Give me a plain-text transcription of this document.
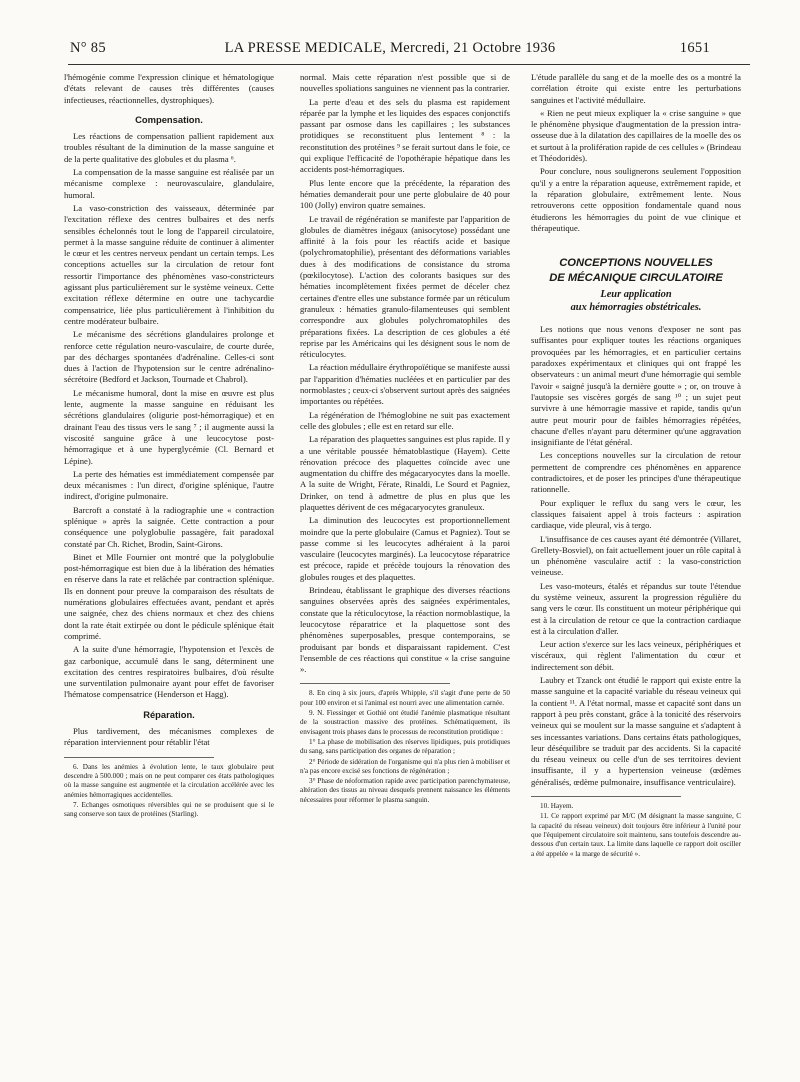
N° 85	LA PRESSE MEDICALE, Mercredi, 21 Octobre 1936	1651

l'hémogénie comme l'expression clinique et hématologique d'états relevant de causes très différentes (causes infectieuses, réactionnelles, dystrophiques).

Compensation.

Les réactions de compensation pallient rapidement aux troubles résultant de la diminution de la masse sanguine et de la perte qualitative des globules et du plasma ⁶.

La compensation de la masse sanguine est réalisée par un mécanisme complexe : neurovasculaire, glandulaire, humoral.

La vaso-constriction des vaisseaux, déterminée par l'excitation réflexe des centres bulbaires et des nerfs sensibles échelonnés tout le long de l'appareil circulatoire, permet à la masse sanguine réduite de continuer à alimenter le cœur et les centres nerveux pendant un certain temps. Les conceptions actuelles sur la circulation de retour font ressortir l'importance des phénomènes vaso-constricteurs agissant plus particulièrement sur le système veineux. Cette excitation réflexe détermine en outre une tachycardie compensatrice, liée plus particulièrement à l'inhibition du centre modérateur bulbaire.

Le mécanisme des sécrétions glandulaires prolonge et renforce cette régulation neuro-vasculaire, de courte durée, par des décharges spontanées d'adrénaline. Celles-ci sont dues à l'action de l'hypotension sur le centre adrénalino-sécrétoire (Bedford et Jackson, Tournade et Chabrol).

Le mécanisme humoral, dont la mise en œuvre est plus lente, augmente la masse sanguine en réduisant les sécrétions glandulaires (oligurie post-hémorragique) et en drainant l'eau des tissus vers le sang ⁷ ; il augmente aussi la viscosité sanguine grâce à une leucocytose post-hémorragique et à une hyperglycémie (Cl. Bernard et Lépine).

La perte des hématies est immédiatement compensée par deux mécanismes : l'un direct, d'origine splénique, l'autre indirect, d'origine pulmonaire.

Barcroft a constaté à la radiographie une « contraction splénique » après la saignée. Cette contraction a pour conséquence une polyglobulie passagère, fait paradoxal constaté par Ch. Richet, Brodin, Saint-Girons.

Binet et Mlle Fournier ont montré que la polyglobulie post-hémorragique est bien due à la libération des hématies en réserve dans la rate et relâchée par contraction splénique. Ils en donnent pour preuve la comparaison des résultats de numérations globulaires effectuées avant, pendant et après une saignée, chez des chiens normaux et chez des chiens dont la rate était extirpée ou dont le pédicule splénique était comprimé.

A la suite d'une hémorragie, l'hypotension et l'excès de gaz carbonique, accumulé dans le sang, déterminent une excitation des centres respiratoires bulbaires, d'où résulte une surventilation pulmonaire ayant pour effet de favoriser l'hématose compensatrice (Henderson et Hagg).

Réparation.

Plus tardivement, des mécanismes complexes de réparation interviennent pour rétablir l'état

6. Dans les anémies à évolution lente, le taux globulaire peut descendre à 500.000 ; mais on ne peut comparer ces états pathologiques où la masse sanguine est augmentée et la circulation accélérée avec les anémies hémorragiques accidentelles.

7. Echanges osmotiques réversibles qui ne se produisent que si le sang conserve son taux de protéines (Starling).

normal. Mais cette réparation n'est possible que si de nouvelles spoliations sanguines ne viennent pas la contrarier.

La perte d'eau et des sels du plasma est rapidement réparée par la lymphe et les liquides des espaces conjonctifs passant par osmose dans les capillaires ; les substances protidiques se reconstituent plus lentement ⁸ : la reconstitution des protéines ⁹ se ferait surtout dans le foie, ce qui explique l'efficacité de l'opothérapie hépatique dans les accidents post-hémorragiques.

Plus lente encore que la précédente, la réparation des hématies demanderait pour une perte globulaire de 40 pour 100 (Jolly) environ quatre semaines.

Le travail de régénération se manifeste par l'apparition de globules de diamètres inégaux (anisocytose) possédant une affinité à la fois pour les réactifs acide et basique (polychromatophilie), présentant des déformations variables dues à des modifications de consistance du stroma (pœkilocytose). L'action des colorants basiques sur des hématies incomplètement fixées permet de déceler chez certaines d'entre elles une substance formée par un réticulum granuleux : hématies granulo-filamenteuses qui semblent correspondre aux globules polychromatophiles des préparations fixées. La description de ces globules a été reprise par les Américains qui les désignent sous le nom de réticulocytes.

La réaction médullaire érythropoïétique se manifeste aussi par l'apparition d'hématies nucléées et en particulier par des normoblastes ; ceux-ci s'observent surtout après des saignées importantes ou répétées.

La régénération de l'hémoglobine ne suit pas exactement celle des globules ; elle est en retard sur elle.

La réparation des plaquettes sanguines est plus rapide. Il y a une véritable poussée hématoblastique (Hayem). Cette rénovation précoce des plaquettes coïncide avec une augmentation du chiffre des mégacaryocytes dans la moelle. A la suite de Wright, Férate, Rinaldi, Le Sourd et Pagniez, Drinker, on tend à admettre de plus en plus que les plaquettes dérivent de ces mégacaryocytes granuleux.

La diminution des leucocytes est proportionnellement moindre que la perte globulaire (Camus et Pagniez). Tout se passe comme si les leucocytes adhéraient à la paroi vasculaire (leucocytes marginés). La leucocytose réparatrice est précoce, rapide et précède toujours la rénovation des globules rouges et des plaquettes.

Brindeau, établissant le graphique des diverses réactions sanguines observées après des saignées expérimentales, constate que la réticulocytose, la réaction normoblastique, la leucocytose réparatrice et la plaquettose sont des phénomènes superposables, presque contemporains, se produisant par bonds et disparaissant rapidement. C'est l'ensemble de ces réactions qui constitue « la crise sanguine ».

8. En cinq à six jours, d'après Whipple, s'il s'agit d'une perte de 50 pour 100 environ et si l'animal est nourri avec une alimentation carnée.

9. N. Fiessinger et Gothié ont étudié l'anémie plasmatique résultant de la soustraction massive des protéines. Schématiquement, ils envisagent trois phases dans le processus de reconstitution protidique :

1° La phase de mobilisation des réserves lipidiques, puis protidiques du sang, sans participation des organes de réparation ;

2° Période de sidération de l'organisme qui n'a plus rien à mobiliser et n'a pas encore excisé ses fonctions de régénération ;

3° Phase de néoformation rapide avec participation parenchymateuse, altération des tissus au niveau desquels prennent naissance les éléments nécessaires pour réformer le plasma sanguin.

L'étude parallèle du sang et de la moelle des os a montré la corrélation étroite qui existe entre les perturbations sanguines et l'activité médullaire.

« Rien ne peut mieux expliquer la « crise sanguine » que le phénomène physique d'augmentation de la pression intra-osseuse due à la dilatation des capillaires de la moelle des os et surtout à la prolifération rapide de ces cellules » (Brindeau et Théodoridès).

Pour conclure, nous soulignerons seulement l'opposition qu'il y a entre la réparation aqueuse, extrêmement rapide, et la réparation globulaire, extrêmement lente. Nous retrouverons cette opposition fondamentale quand nous étudierons les hémorragies du point de vue clinique et thérapeutique.

CONCEPTIONS NOUVELLES
DE MÉCANIQUE CIRCULATOIRE
Leur application
aux hémorragies obstétricales.

Les notions que nous venons d'exposer ne sont pas suffisantes pour expliquer toutes les réactions organiques provoquées par les hémorragies, et en particulier certains paradoxes expérimentaux et cliniques qui ont frappé les observateurs : un animal meurt d'une hémorragie qui semble l'avoir « saigné jusqu'à la dernière goutte » ; or, on trouve à l'autopsie ses viscères gorgés de sang ¹⁰ ; un sujet peut survivre à une hémorragie massive et rapide, tandis qu'un autre peut mourir pour de faibles hémorragies répétées, chacune d'elles n'ayant paru déterminer qu'une aggravation insignifiante de l'état général.

Les conceptions nouvelles sur la circulation de retour permettent de comprendre ces phénomènes en apparence contradictoires, et de poser les principes d'une thérapeutique rationnelle.

Pour expliquer le reflux du sang vers le cœur, les classiques faisaient appel à trois facteurs : aspiration cardiaque, vide pleural, vis à tergo.

L'insuffisance de ces causes ayant été démontrée (Villaret, Grellety-Bosviel), on fait actuellement jouer un rôle capital à un phénomène vasculaire actif : la vaso-constriction veineuse.

Les vaso-moteurs, étalés et répandus sur toute l'étendue du système veineux, assurent la progression régulière du sang vers le cœur. Ils constituent un moteur périphérique qui est à la circulation de retour ce que la contraction cardiaque est à la circulation d'aller.

Leur action s'exerce sur les lacs veineux, périphériques et viscéraux, qui règlent l'alimentation du cœur et indirectement son débit.

Laubry et Tzanck ont étudié le rapport qui existe entre la masse sanguine et la capacité variable du réseau veineux qui la contient ¹¹. A l'état normal, masse et capacité sont dans un rapport à peu près constant, grâce à la tonicité des réservoirs veineux qui se moulent sur la masse sanguine et s'adaptent à ses incessantes variations. Dans certains états pathologiques, leur déséquilibre se traduit par des accidents. Si la capacité du réseau veineux ou celle d'un de ses territoires devient insuffisante, il y a hypertension veineuse (œdèmes généralisés, œdème pulmonaire, insuffisance ventriculaire).

10. Hayem.

11. Ce rapport exprimé par M/C (M désignant la masse sanguine, C la capacité du réseau veineux) doit toujours être inférieur à l'unité pour que l'équipement circulatoire soit maintenu, sans toutefois descendre au-dessous d'un certain taux. La limite dans laquelle ce rapport doit osciller a été appelée « la marge de sécurité ».
